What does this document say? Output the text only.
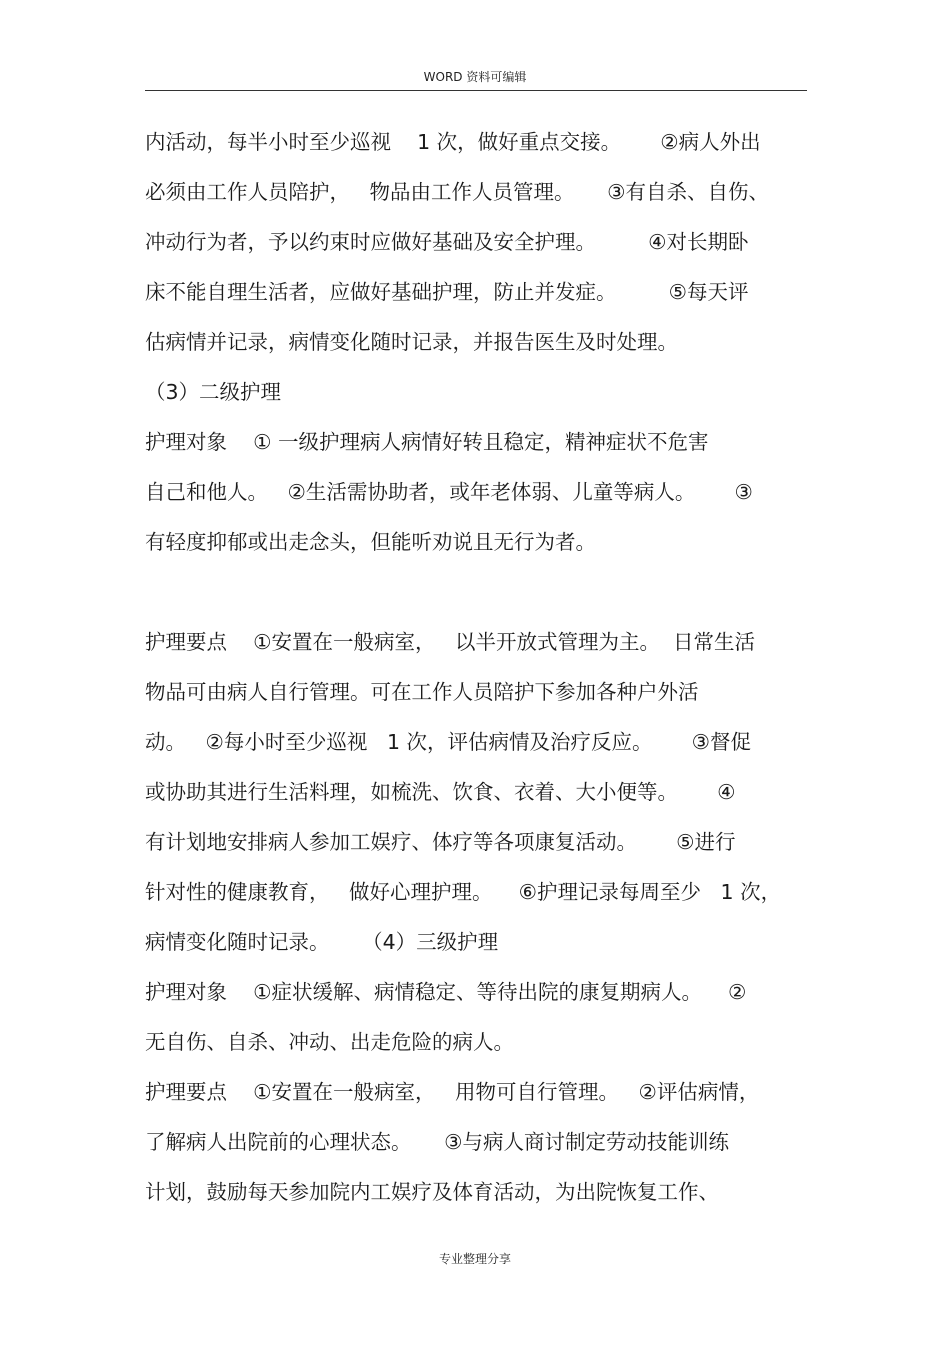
WORD 资料可编辑
内活动，每半小时至少巡视    1 次，做好重点交接。      ②病人外出
必须由工作人员陪护，   物品由工作人员管理。     ③有自杀、自伤、
冲动行为者，予以约束时应做好基础及安全护理。        ④对长期卧
床不能自理生活者，应做好基础护理，防止并发症。        ⑤每天评
估病情并记录，病情变化随时记录，并报告医生及时处理。
（3）二级护理
护理对象    ① 一级护理病人病情好转且稳定，精神症状不危害
自己和他人。   ②生活需协助者，或年老体弱、儿童等病人。      ③
有轻度抑郁或出走念头，但能听劝说且无行为者。
护理要点    ①安置在一般病室，   以半开放式管理为主。  日常生活
物品可由病人自行管理。可在工作人员陪护下参加各种户外活
动。   ②每小时至少巡视   1 次，评估病情及治疗反应。      ③督促
或协助其进行生活料理，如梳洗、饮食、衣着、大小便等。      ④
有计划地安排病人参加工娱疗、体疗等各项康复活动。      ⑤进行
针对性的健康教育，   做好心理护理。    ⑥护理记录每周至少   1 次，
病情变化随时记录。     （4）三级护理
护理对象    ①症状缓解、病情稳定、等待出院的康复期病人。    ②
无自伤、自杀、冲动、出走危险的病人。
护理要点    ①安置在一般病室，   用物可自行管理。   ②评估病情，
了解病人出院前的心理状态。     ③与病人商讨制定劳动技能训练
计划，鼓励每天参加院内工娱疗及体育活动，为出院恢复工作、
专业整理分享
